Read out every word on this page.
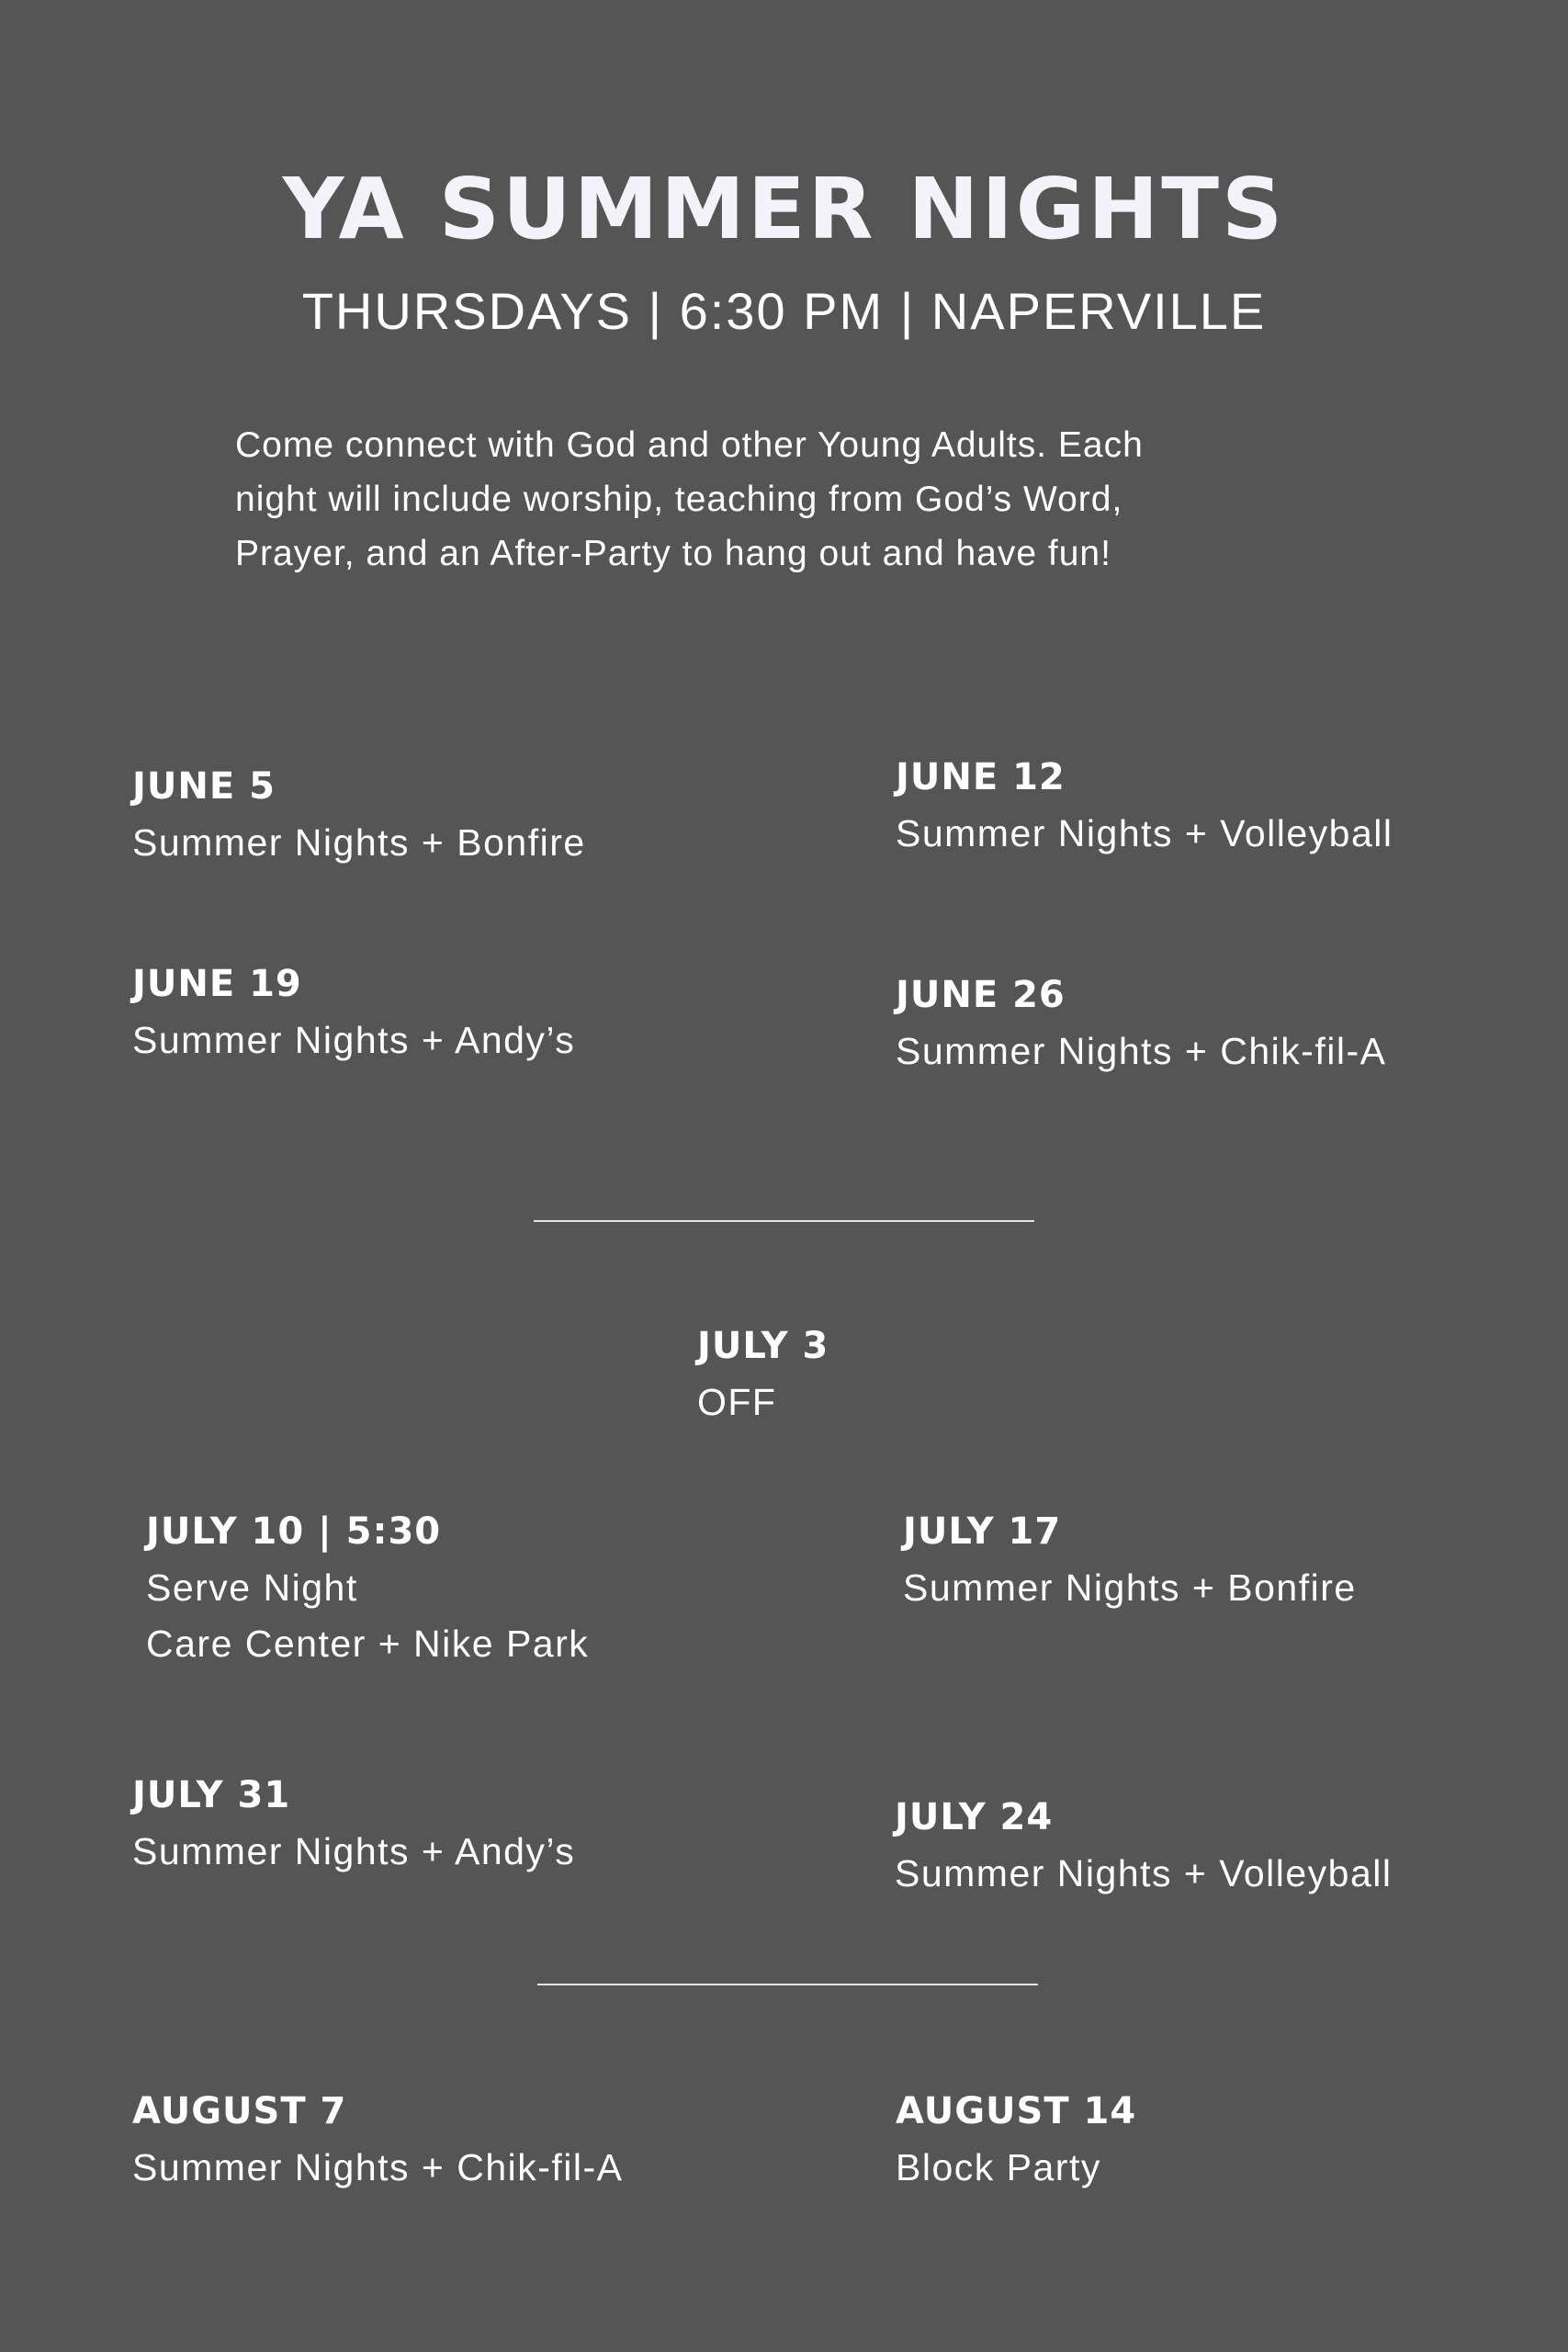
YA SUMMER NIGHTS
THURSDAYS | 6:30 PM | NAPERVILLE
Come connect with God and other Young Adults. Each
night will include worship, teaching from God’s Word,
Prayer, and an After-Party to hang out and have fun!
JUNE 5
Summer Nights + Bonfire
JUNE 12
Summer Nights + Volleyball
JUNE 19
Summer Nights + Andy’s
JUNE 26
Summer Nights + Chik-fil-A
JULY 3
OFF
JULY 10 | 5:30
Serve Night
Care Center + Nike Park
JULY 17
Summer Nights + Bonfire
JULY 31
Summer Nights + Andy’s
JULY 24
Summer Nights + Volleyball
AUGUST 7
Summer Nights + Chik-fil-A
AUGUST 14
Block Party
